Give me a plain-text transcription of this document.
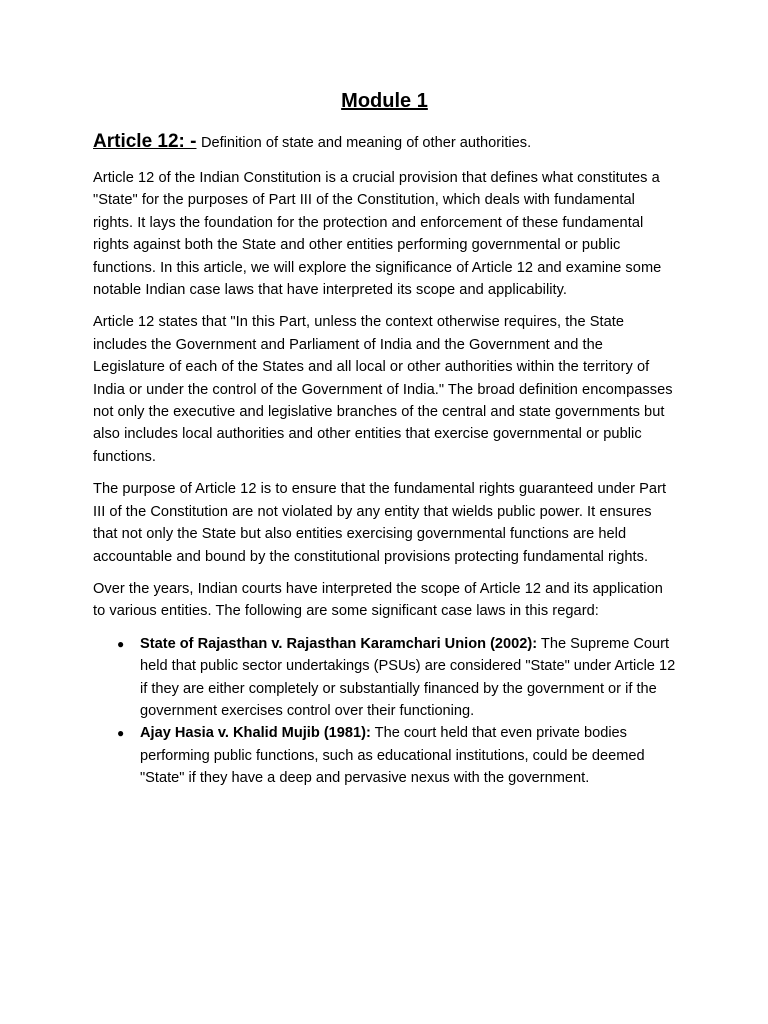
Module 1
Article 12: - Definition of state and meaning of other authorities.

Article 12 of the Indian Constitution is a crucial provision that defines what constitutes a "State" for the purposes of Part III of the Constitution, which deals with fundamental rights. It lays the foundation for the protection and enforcement of these fundamental rights against both the State and other entities performing governmental or public functions. In this article, we will explore the significance of Article 12 and examine some notable Indian case laws that have interpreted its scope and applicability.

Article 12 states that "In this Part, unless the context otherwise requires, the State includes the Government and Parliament of India and the Government and the Legislature of each of the States and all local or other authorities within the territory of India or under the control of the Government of India." The broad definition encompasses not only the executive and legislative branches of the central and state governments but also includes local authorities and other entities that exercise governmental or public functions.

The purpose of Article 12 is to ensure that the fundamental rights guaranteed under Part III of the Constitution are not violated by any entity that wields public power. It ensures that not only the State but also entities exercising governmental functions are held accountable and bound by the constitutional provisions protecting fundamental rights.

Over the years, Indian courts have interpreted the scope of Article 12 and its application to various entities. The following are some significant case laws in this regard:

● State of Rajasthan v. Rajasthan Karamchari Union (2002): The Supreme Court held that public sector undertakings (PSUs) are considered "State" under Article 12 if they are either completely or substantially financed by the government or if the government exercises control over their functioning.
● Ajay Hasia v. Khalid Mujib (1981): The court held that even private bodies performing public functions, such as educational institutions, could be deemed "State" if they have a deep and pervasive nexus with the government.
